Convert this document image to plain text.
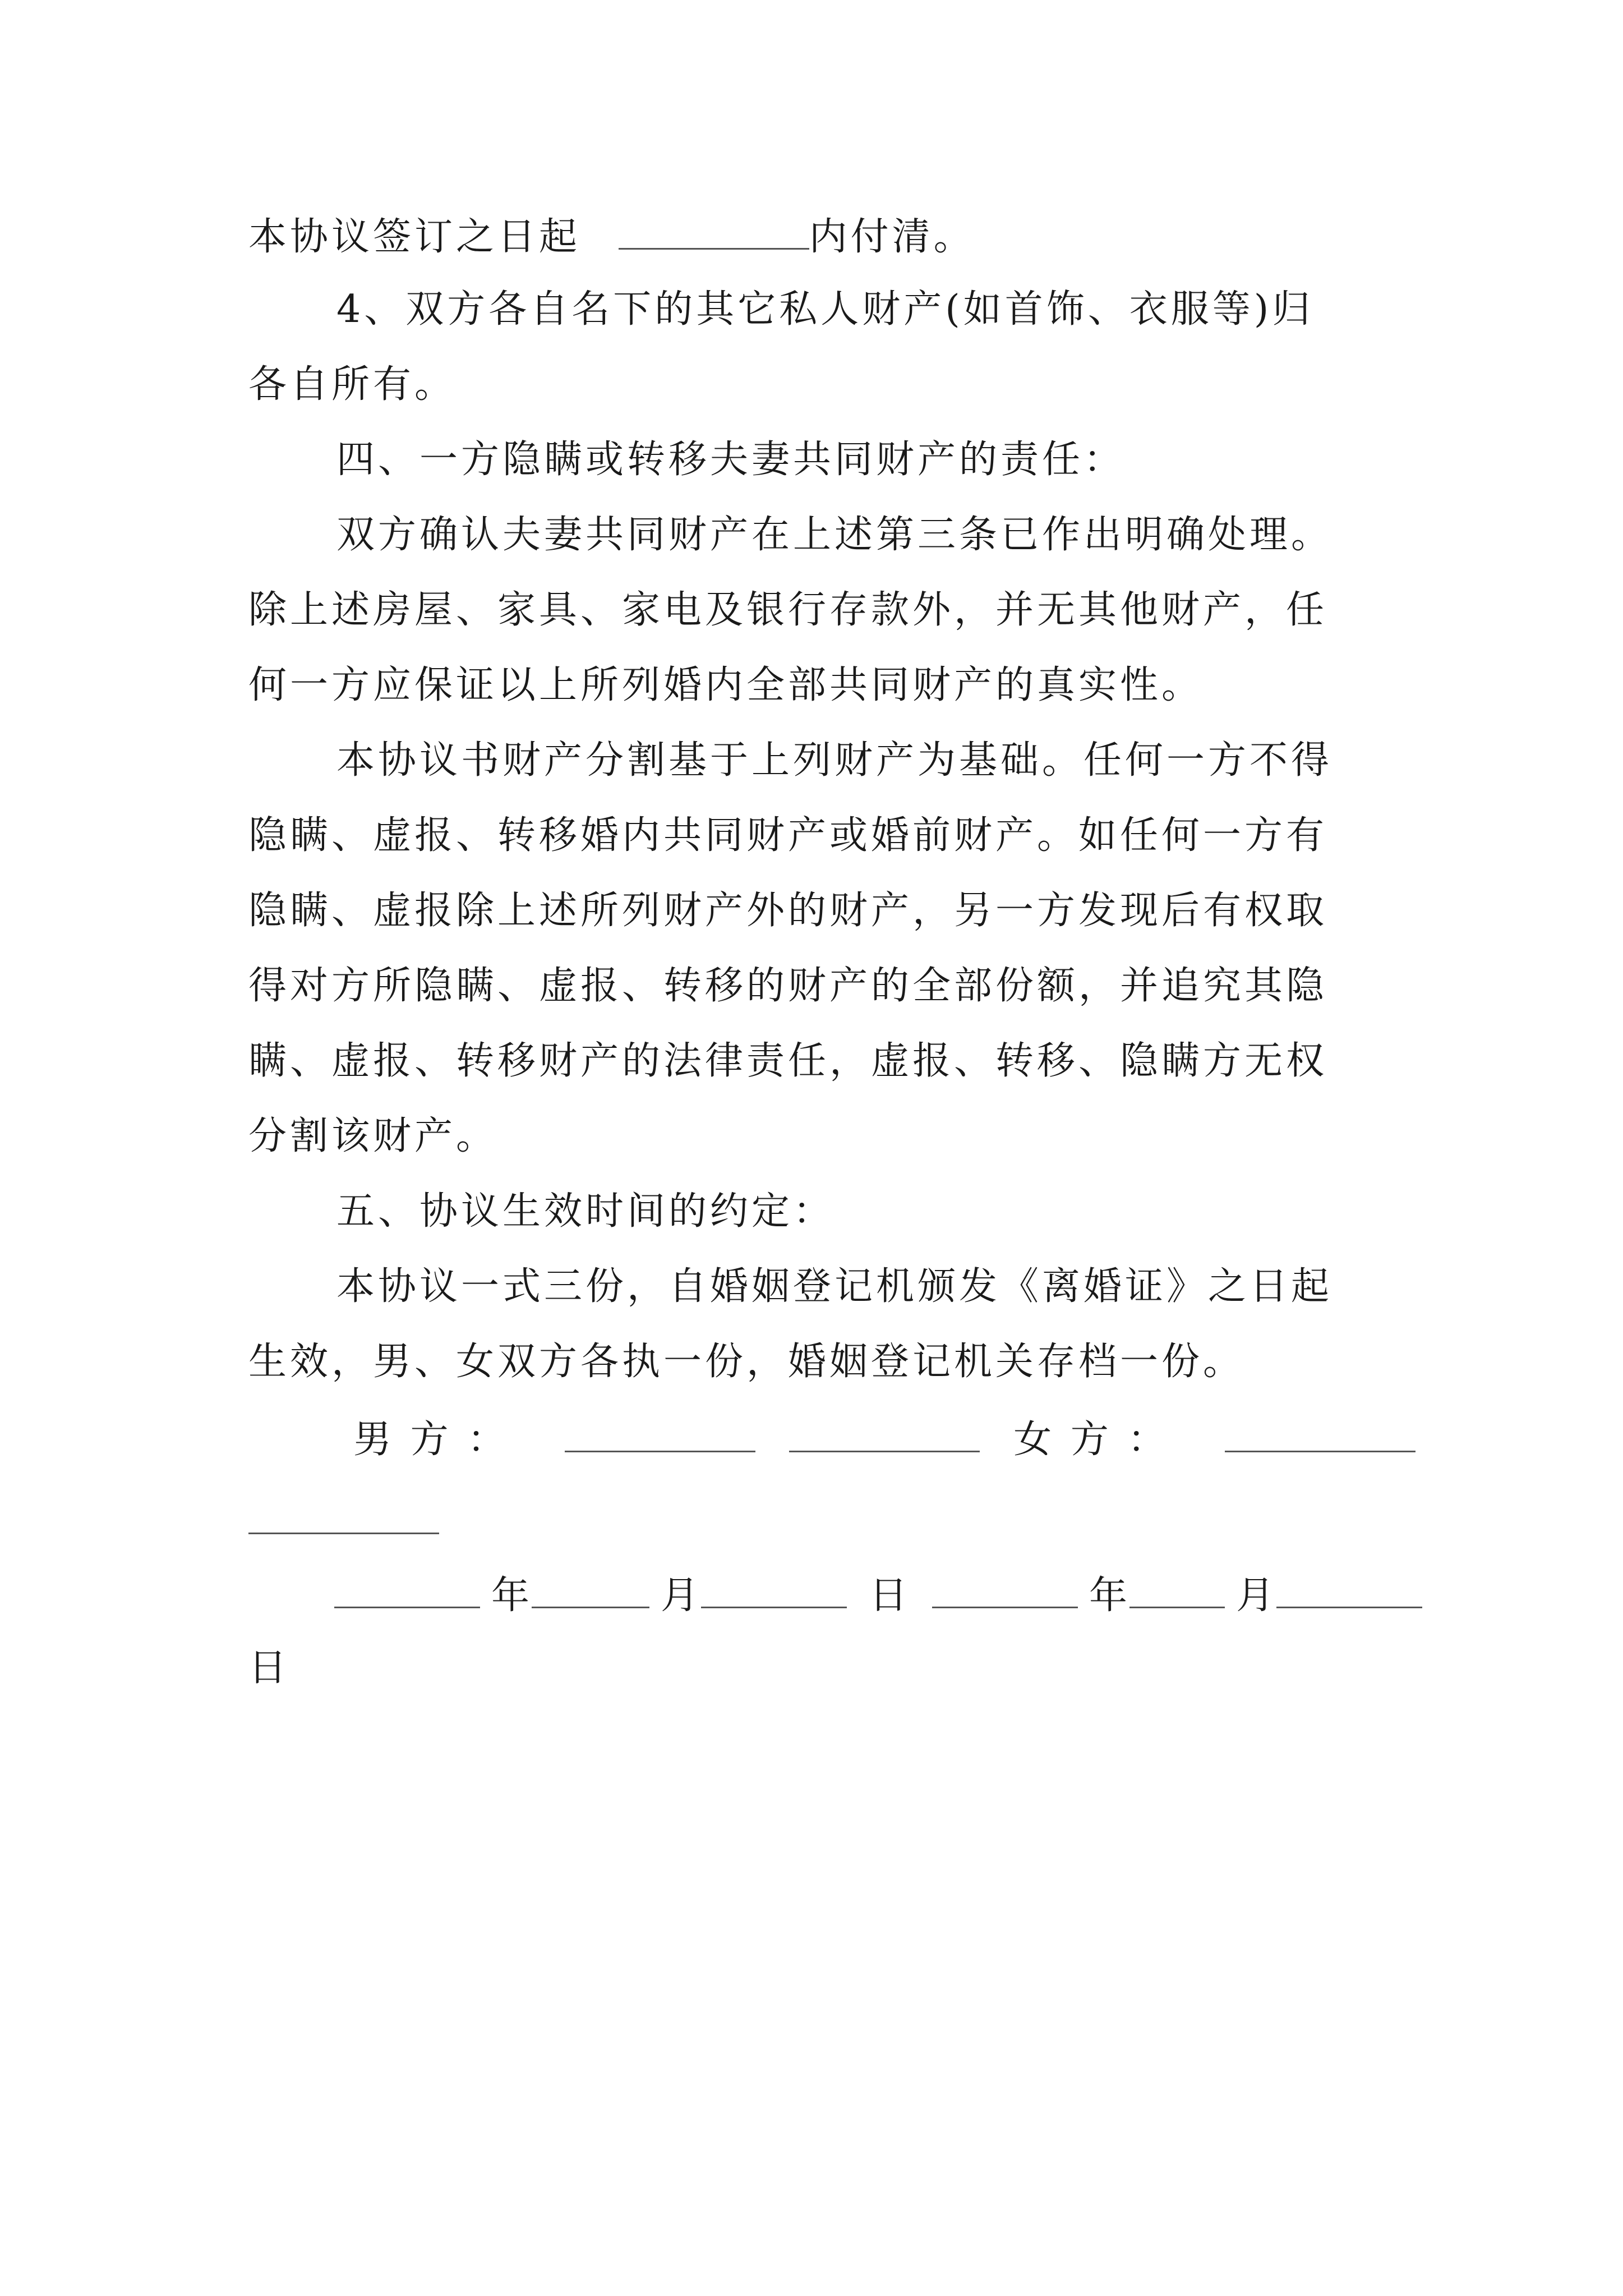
本协议签订之日起	内付清。
4、双方各自名下的其它私人财产(如首饰、衣服等)归
各自所有。
四、一方隐瞒或转移夫妻共同财产的责任：
双方确认夫妻共同财产在上述第三条已作出明确处理。
除上述房屋、家具、家电及银行存款外，并无其他财产，任
何一方应保证以上所列婚内全部共同财产的真实性。
本协议书财产分割基于上列财产为基础。任何一方不得
隐瞒、虚报、转移婚内共同财产或婚前财产。如任何一方有
隐瞒、虚报除上述所列财产外的财产，另一方发现后有权取
得对方所隐瞒、虚报、转移的财产的全部份额，并追究其隐
瞒、虚报、转移财产的法律责任，虚报、转移、隐瞒方无权
分割该财产。
五、协议生效时间的约定：
本协议一式三份，自婚姻登记机颁发《离婚证》之日起
生效，男、女双方各执一份，婚姻登记机关存档一份。
男 方 ：	女 方 ：
年	月	日	年	月
日
